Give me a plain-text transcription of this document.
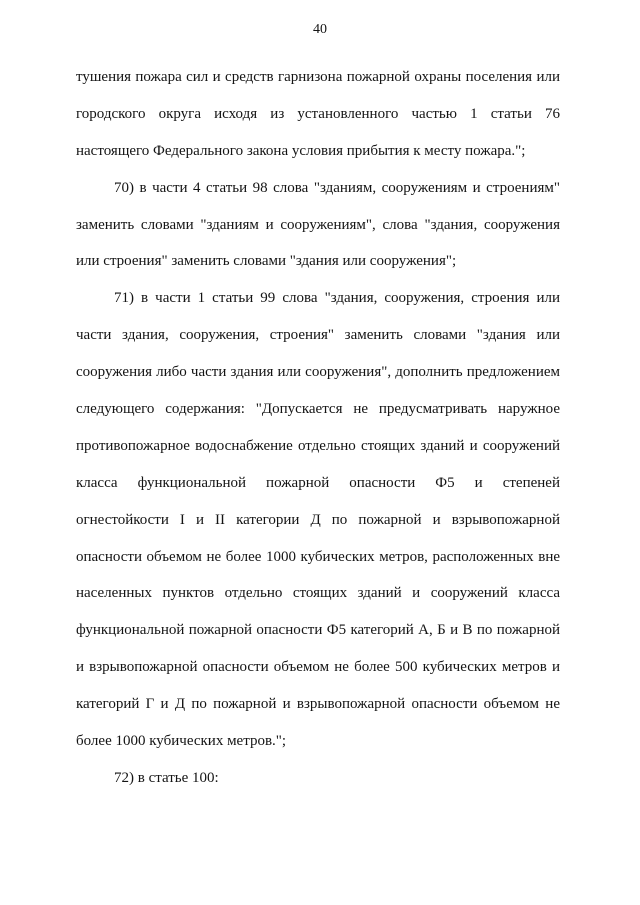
40
тушения пожара сил и средств гарнизона пожарной охраны поселения или
городского округа исходя из установленного частью 1 статьи 76
настоящего Федерального закона условия прибытия к месту пожара.";
70) в части 4 статьи 98 слова "зданиям, сооружениям и строениям"
заменить словами "зданиям и сооружениям", слова "здания, сооружения
или строения" заменить словами "здания или сооружения";
71) в части 1 статьи 99 слова "здания, сооружения, строения или
части здания, сооружения, строения" заменить словами "здания или
сооружения либо части здания или сооружения", дополнить предложением
следующего содержания: "Допускается не предусматривать наружное
противопожарное водоснабжение отдельно стоящих зданий и сооружений
класса функциональной пожарной опасности Ф5 и степеней
огнестойкости I и II категории Д по пожарной и взрывопожарной
опасности объемом не более 1000 кубических метров, расположенных вне
населенных пунктов отдельно стоящих зданий и сооружений класса
функциональной пожарной опасности Ф5 категорий А, Б и В по пожарной
и взрывопожарной опасности объемом не более 500 кубических метров и
категорий Г и Д по пожарной и взрывопожарной опасности объемом не
более 1000 кубических метров.";
72) в статье 100:
